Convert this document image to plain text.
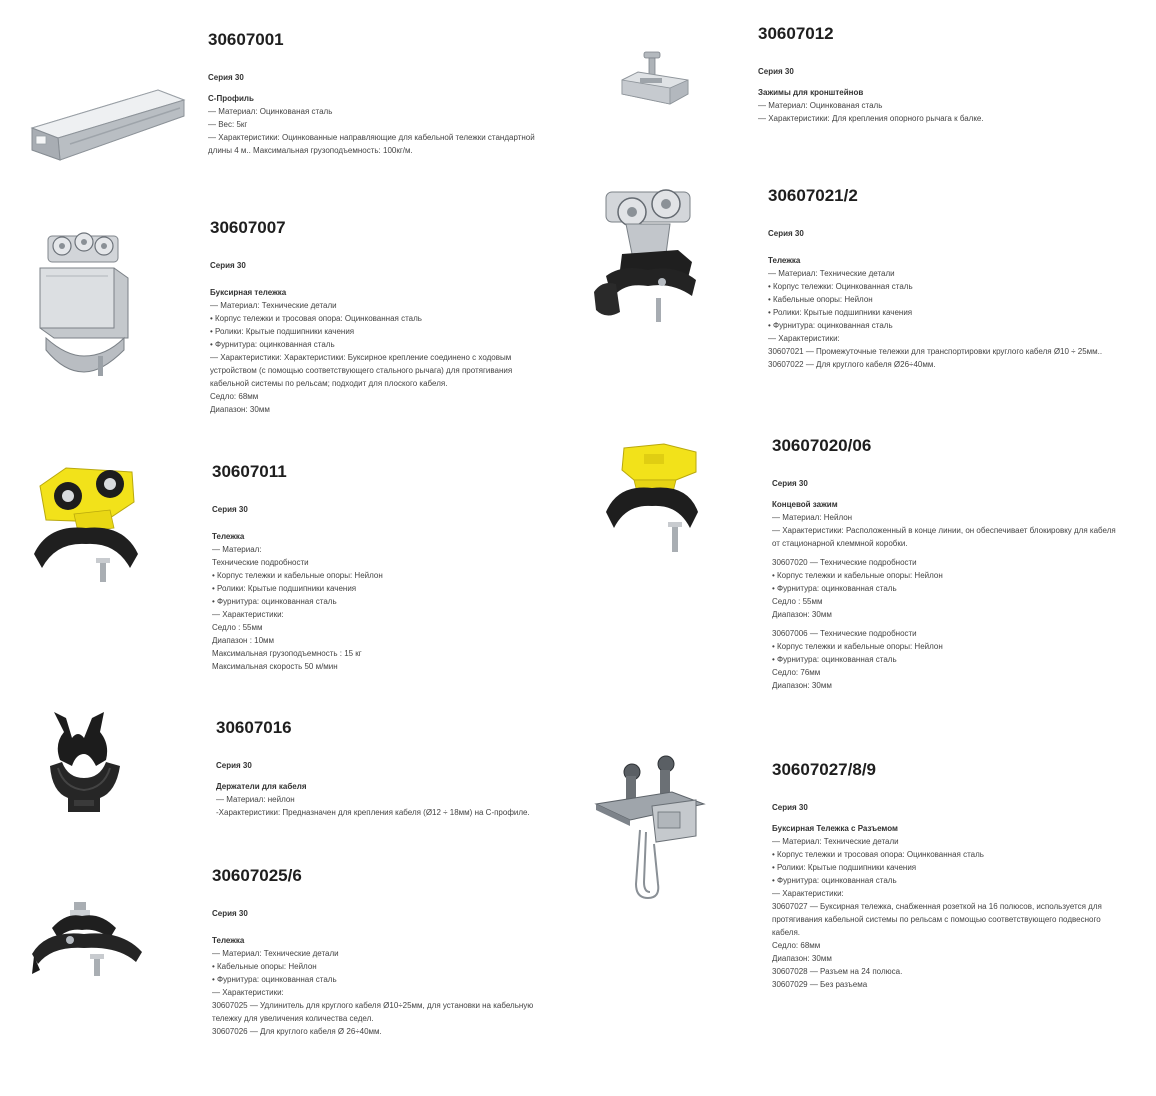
30607001
Серия 30
С-Профиль
— Материал: Оцинкованая сталь
— Вес: 5кг
— Характеристики: Оцинкованные направляющие для кабельной тележки стандартной
длины 4 м.. Максимальная грузоподъемность: 100кг/м.
30607012
Серия 30
Зажимы для кронштейнов
— Материал: Оцинкованая сталь
— Характеристики: Для крепления опорного рычага к балке.
30607007
Серия 30
Буксирная тележка
— Материал: Технические детали
• Корпус тележки и тросовая опора: Оцинкованная сталь
• Ролики: Крытые подшипники качения
• Фурнитура: оцинкованная сталь
— Характеристики: Характеристики: Буксирное крепление соединено с ходовым
устройством (с помощью соответствующего стального рычага) для протягивания
кабельной системы по рельсам; подходит для плоского кабеля.
Седло: 68мм
Диапазон: 30мм
30607021/2
Серия 30
Тележка
— Материал: Технические детали
• Корпус тележки: Оцинкованная сталь
• Кабельные опоры: Нейлон
• Ролики: Крытые подшипники качения
• Фурнитура: оцинкованная сталь
— Характеристики:
30607021 — Промежуточные тележки для транспортировки круглого кабеля Ø10 ÷ 25мм..
30607022 — Для круглого кабеля Ø26÷40мм.
30607011
Серия 30
Тележка
— Материал:
Технические подробности
• Корпус тележки и кабельные опоры: Нейлон
• Ролики: Крытые подшипники качения
• Фурнитура: оцинкованная сталь
— Характеристики:
Седло : 55мм
Диапазон : 10мм
Максимальная грузоподъемность : 15 кг
Максимальная скорость 50 м/мин
30607020/06
Серия 30
Концевой зажим
— Материал: Нейлон
— Характеристики: Расположенный в конце линии, он обеспечивает блокировку для кабеля
от стационарной клеммной коробки.
30607020 — Технические подробности
• Корпус тележки и кабельные опоры: Нейлон
• Фурнитура: оцинкованная сталь
Седло : 55мм
Диапазон: 30мм
30607006 — Технические подробности
• Корпус тележки и кабельные опоры: Нейлон
• Фурнитура: оцинкованная сталь
Седло: 76мм
Диапазон: 30мм
30607016
Серия 30
Держатели для кабеля
— Материал: нейлон
-Характеристики: Предназначен для крепления кабеля (Ø12 ÷ 18мм) на С-профиле.
30607027/8/9
Серия 30
Буксирная Тележка с Разъемом
— Материал: Технические детали
• Корпус тележки и тросовая опора: Оцинкованная сталь
• Ролики: Крытые подшипники качения
• Фурнитура: оцинкованная сталь
— Характеристики:
30607027 — Буксирная тележка, снабженная розеткой на 16 полюсов, используется для
протягивания кабельной системы по рельсам с помощью соответствующего подвесного
кабеля.
Седло: 68мм
Диапазон: 30мм
30607028 — Разъем на 24 полюса.
30607029 — Без разъема
30607025/6
Серия 30
Тележка
— Материал: Технические детали
• Кабельные опоры: Нейлон
• Фурнитура: оцинкованная сталь
— Характеристики:
30607025 — Удлинитель для круглого кабеля Ø10÷25мм, для установки на кабельную
тележку для увеличения количества седел.
30607026 — Для круглого кабеля Ø 26÷40мм.
